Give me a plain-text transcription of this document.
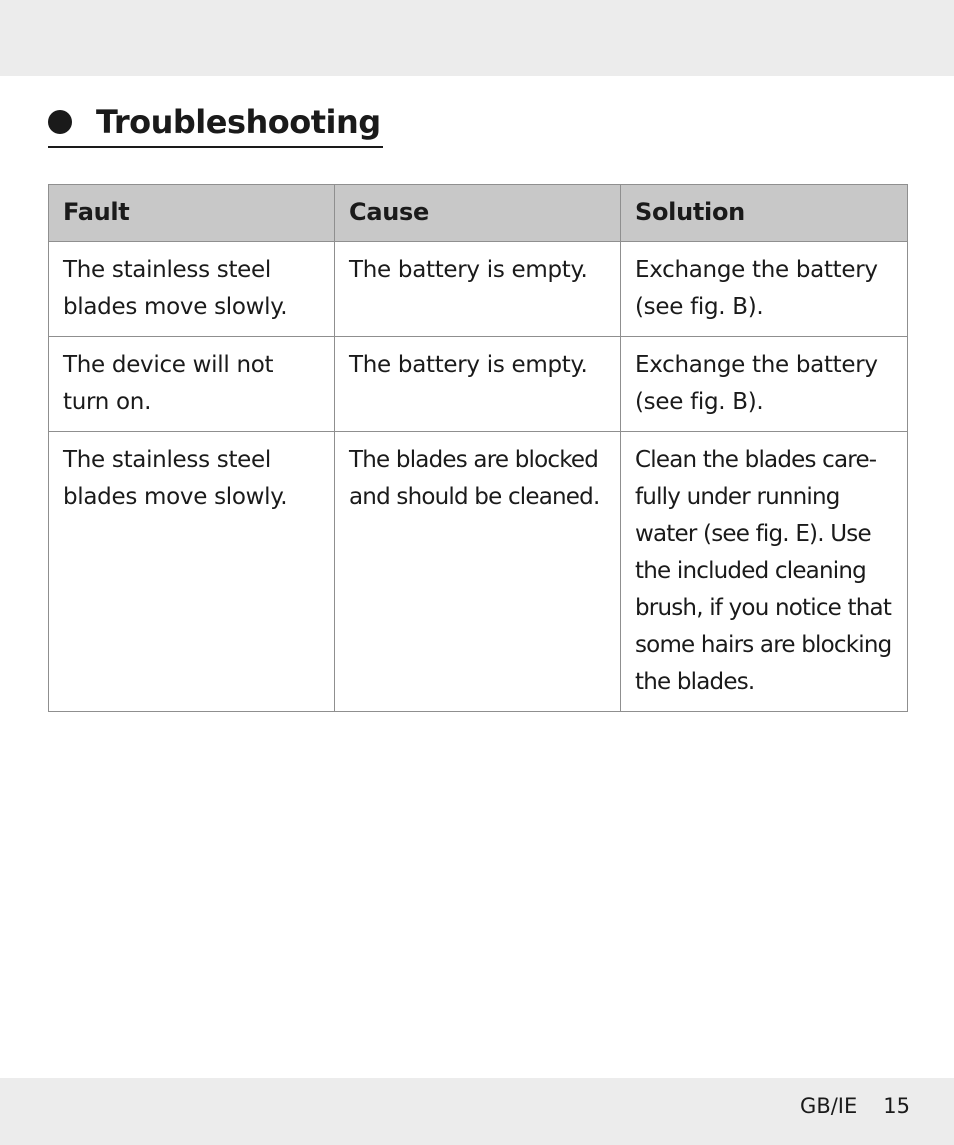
Troubleshooting
Fault	Cause	Solution
The stainless steel blades move slowly.	The battery is empty.	Exchange the battery (see fig. B).
The device will not turn on.	The battery is empty.	Exchange the battery (see fig. B).
The stainless steel blades move slowly.	The blades are blocked and should be cleaned.	Clean the blades care-fully under running water (see fig. E). Use the included cleaning brush, if you notice that some hairs are blocking the blades.
GB/IE 15
